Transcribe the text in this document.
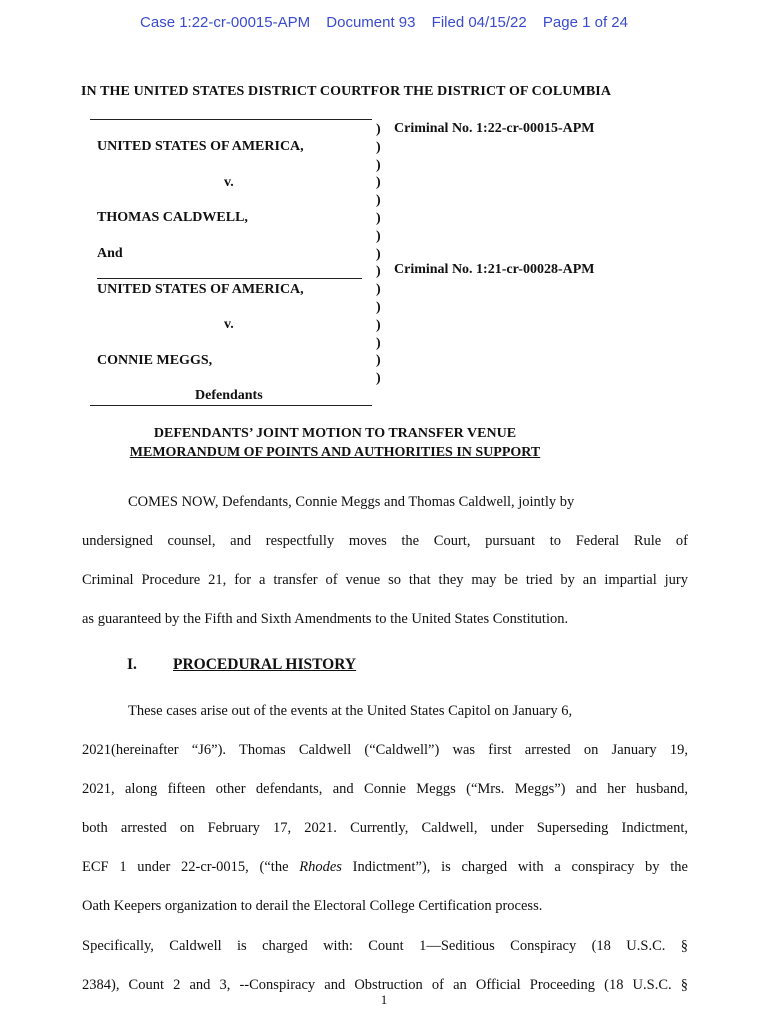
Case 1:22-cr-00015-APM Document 93 Filed 04/15/22 Page 1 of 24
IN THE UNITED STATES DISTRICT COURTFOR THE DISTRICT OF COLUMBIA
UNITED STATES OF AMERICA,
v.
THOMAS CALDWELL,
And
UNITED STATES OF AMERICA,
v.
CONNIE MEGGS,
Defendants
)
)
)
)
)
)
)
)
)
)
)
)
)
)
)
Criminal No. 1:22-cr-00015-APM
Criminal No. 1:21-cr-00028-APM
DEFENDANTS’ JOINT MOTION TO TRANSFER VENUE
MEMORANDUM OF POINTS AND AUTHORITIES IN SUPPORT

COMES NOW, Defendants, Connie Meggs and Thomas Caldwell, jointly by

undersigned counsel, and respectfully moves the Court, pursuant to Federal Rule of

Criminal Procedure 21, for a transfer of venue so that they may be tried by an impartial jury

as guaranteed by the Fifth and Sixth Amendments to the United States Constitution.

I. PROCEDURAL HISTORY

These cases arise out of the events at the United States Capitol on January 6,

2021(hereinafter “J6”). Thomas Caldwell (“Caldwell”) was first arrested on January 19,

2021, along fifteen other defendants, and Connie Meggs (“Mrs. Meggs”) and her husband,

both arrested on February 17, 2021. Currently, Caldwell, under Superseding Indictment,

ECF 1 under 22-cr-0015, (“the Rhodes Indictment”), is charged with a conspiracy by the

Oath Keepers organization to derail the Electoral College Certification process.

Specifically, Caldwell is charged with: Count 1—Seditious Conspiracy (18 U.S.C. §

2384), Count 2 and 3, --Conspiracy and Obstruction of an Official Proceeding (18 U.S.C. §

1
